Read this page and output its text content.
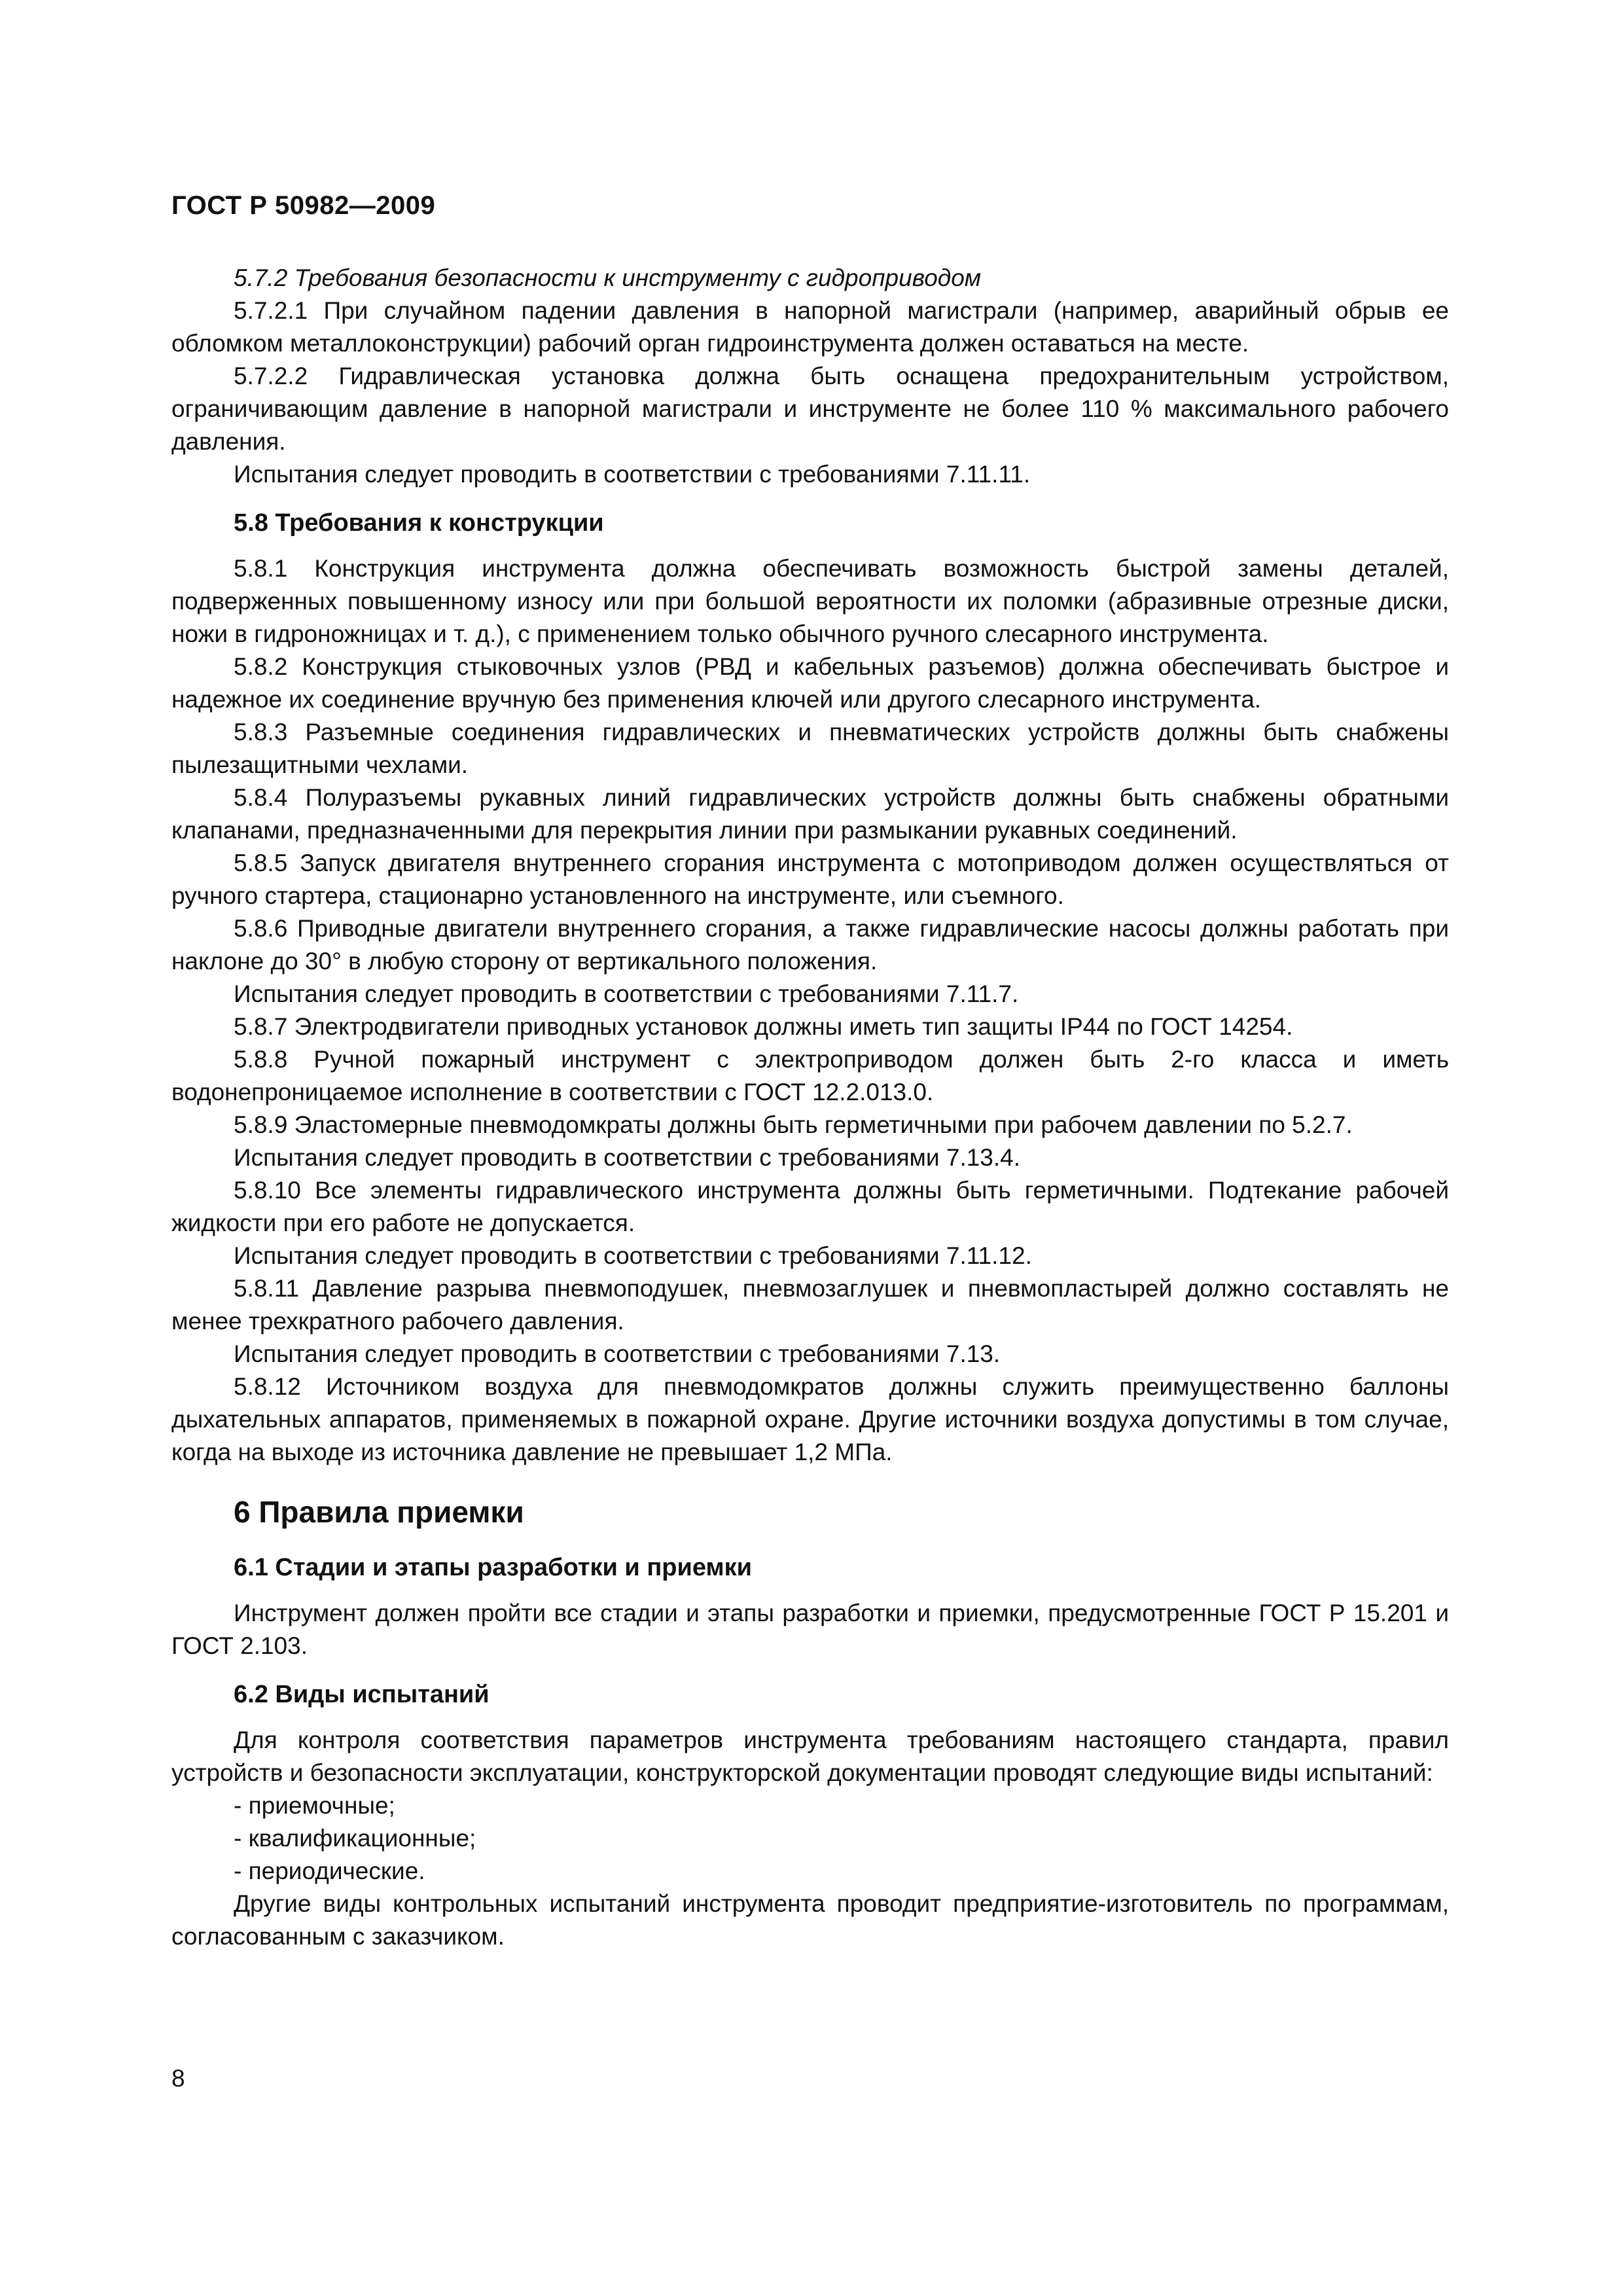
ГОСТ Р 50982—2009

5.7.2 Требования безопасности к инструменту с гидроприводом

5.7.2.1 При случайном падении давления в напорной магистрали (например, аварийный обрыв ее обломком металлоконструкции) рабочий орган гидроинструмента должен оставаться на месте.

5.7.2.2 Гидравлическая установка должна быть оснащена предохранительным устройством, ограничивающим давление в напорной магистрали и инструменте не более 110 % максимального рабочего давления.

Испытания следует проводить в соответствии с требованиями 7.11.11.

5.8 Требования к конструкции

5.8.1 Конструкция инструмента должна обеспечивать возможность быстрой замены деталей, подверженных повышенному износу или при большой вероятности их поломки (абразивные отрезные диски, ножи в гидроножницах и т. д.), с применением только обычного ручного слесарного инструмента.

5.8.2 Конструкция стыковочных узлов (РВД и кабельных разъемов) должна обеспечивать быстрое и надежное их соединение вручную без применения ключей или другого слесарного инструмента.

5.8.3 Разъемные соединения гидравлических и пневматических устройств должны быть снабжены пылезащитными чехлами.

5.8.4 Полуразъемы рукавных линий гидравлических устройств должны быть снабжены обратными клапанами, предназначенными для перекрытия линии при размыкании рукавных соединений.

5.8.5 Запуск двигателя внутреннего сгорания инструмента с мотоприводом должен осуществляться от ручного стартера, стационарно установленного на инструменте, или съемного.

5.8.6 Приводные двигатели внутреннего сгорания, а также гидравлические насосы должны работать при наклоне до 30° в любую сторону от вертикального положения.

Испытания следует проводить в соответствии с требованиями 7.11.7.

5.8.7 Электродвигатели приводных установок должны иметь тип защиты IP44 по ГОСТ 14254.

5.8.8 Ручной пожарный инструмент с электроприводом должен быть 2-го класса и иметь водонепроницаемое исполнение в соответствии с ГОСТ 12.2.013.0.

5.8.9 Эластомерные пневмодомкраты должны быть герметичными при рабочем давлении по 5.2.7.

Испытания следует проводить в соответствии с требованиями 7.13.4.

5.8.10 Все элементы гидравлического инструмента должны быть герметичными. Подтекание рабочей жидкости при его работе не допускается.

Испытания следует проводить в соответствии с требованиями 7.11.12.

5.8.11 Давление разрыва пневмоподушек, пневмозаглушек и пневмопластырей должно составлять не менее трехкратного рабочего давления.

Испытания следует проводить в соответствии с требованиями 7.13.

5.8.12 Источником воздуха для пневмодомкратов должны служить преимущественно баллоны дыхательных аппаратов, применяемых в пожарной охране. Другие источники воздуха допустимы в том случае, когда на выходе из источника давление не превышает 1,2 МПа.

6 Правила приемки
6.1 Стадии и этапы разработки и приемки

Инструмент должен пройти все стадии и этапы разработки и приемки, предусмотренные ГОСТ Р 15.201 и ГОСТ 2.103.

6.2 Виды испытаний

Для контроля соответствия параметров инструмента требованиям настоящего стандарта, правил устройств и безопасности эксплуатации, конструкторской документации проводят следующие виды испытаний:

- приемочные;

- квалификационные;

- периодические.

Другие виды контрольных испытаний инструмента проводит предприятие-изготовитель по программам, согласованным с заказчиком.

8
